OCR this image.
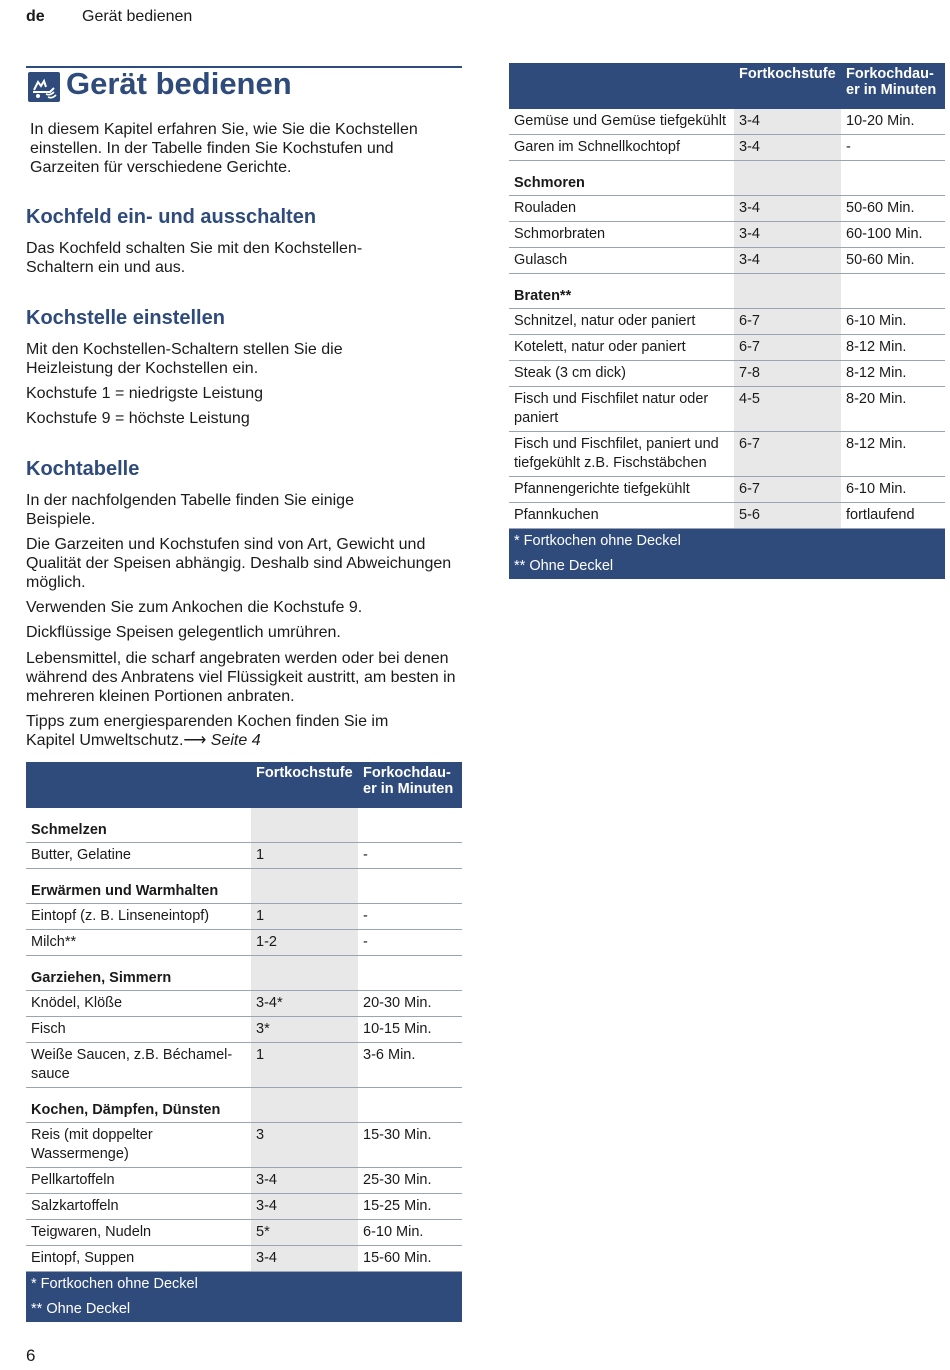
de Gerät bedienen
Gerät bedienen
In diesem Kapitel erfahren Sie, wie Sie die Kochstellen einstellen. In der Tabelle finden Sie Kochstufen und Garzeiten für verschiedene Gerichte.
Kochfeld ein- und ausschalten
Das Kochfeld schalten Sie mit den Kochstellen-Schaltern ein und aus.
Kochstelle einstellen
Mit den Kochstellen-Schaltern stellen Sie die Heizleistung der Kochstellen ein.
Kochstufe 1 = niedrigste Leistung
Kochstufe 9 = höchste Leistung
Kochtabelle
In der nachfolgenden Tabelle finden Sie einige Beispiele.
Die Garzeiten und Kochstufen sind von Art, Gewicht und Qualität der Speisen abhängig. Deshalb sind Abweichungen möglich.
Verwenden Sie zum Ankochen die Kochstufe 9.
Dickflüssige Speisen gelegentlich umrühren.
Lebensmittel, die scharf angebraten werden oder bei denen während des Anbratens viel Flüssigkeit austritt, am besten in mehreren kleinen Portionen anbraten.
Tipps zum energiesparenden Kochen finden Sie im Kapitel Umweltschutz.⟶ Seite 4
	Fortkochstufe	Forkochdau-
er in Minuten
Schmelzen		
Butter, Gelatine	1	-
Erwärmen und Warmhalten		
Eintopf (z. B. Linseneintopf)	1	-
Milch**	1-2	-
Garziehen, Simmern		
Knödel, Klöße	3-4*	20-30 Min.
Fisch	3*	10-15 Min.
Weiße Saucen, z.B. Béchamel-sauce	1	3-6 Min.
Kochen, Dämpfen, Dünsten		
Reis (mit doppelter Wassermenge)	3	15-30 Min.
Pellkartoffeln	3-4	25-30 Min.
Salzkartoffeln	3-4	15-25 Min.
Teigwaren, Nudeln	5*	6-10 Min.
Eintopf, Suppen	3-4	15-60 Min.
* Fortkochen ohne Deckel		
** Ohne Deckel		
	Fortkochstufe	Forkochdau-
er in Minuten
Gemüse und Gemüse tiefgekühlt	3-4	10-20 Min.
Garen im Schnellkochtopf	3-4	-
Schmoren		
Rouladen	3-4	50-60 Min.
Schmorbraten	3-4	60-100 Min.
Gulasch	3-4	50-60 Min.
Braten**		
Schnitzel, natur oder paniert	6-7	6-10 Min.
Kotelett, natur oder paniert	6-7	8-12 Min.
Steak (3 cm dick)	7-8	8-12 Min.
Fisch und Fischfilet natur oder paniert	4-5	8-20 Min.
Fisch und Fischfilet, paniert und tiefgekühlt z.B. Fischstäbchen	6-7	8-12 Min.
Pfannengerichte tiefgekühlt	6-7	6-10 Min.
Pfannkuchen	5-6	fortlaufend
* Fortkochen ohne Deckel		
** Ohne Deckel		
6
